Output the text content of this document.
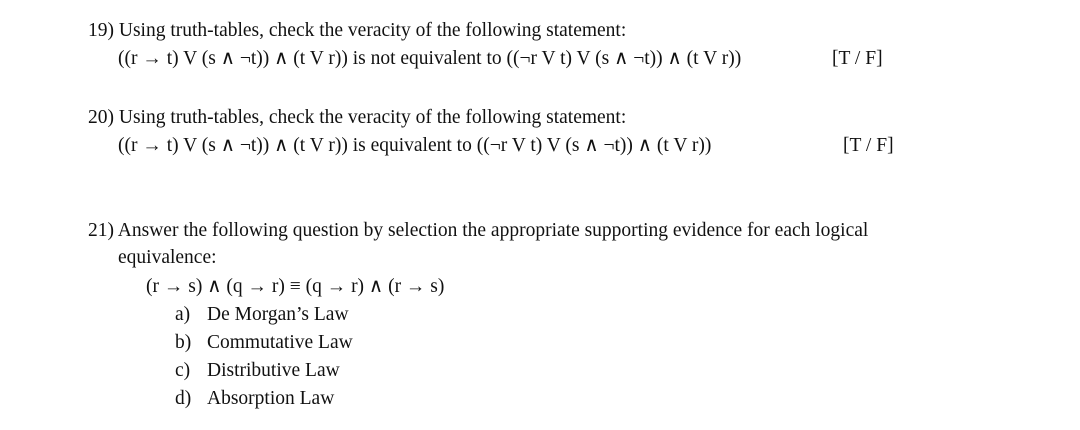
19) Using truth-tables, check the veracity of the following statement:
((r → t) V (s ∧ ¬t)) ∧ (t V r)) is not equivalent to ((¬r V t) V (s ∧ ¬t)) ∧ (t V r))	[T / F]
20) Using truth-tables, check the veracity of the following statement:
((r → t) V (s ∧ ¬t)) ∧ (t V r)) is equivalent to ((¬r V t) V (s ∧ ¬t)) ∧ (t V r))	[T / F]
21) Answer the following question by selection the appropriate supporting evidence for each logical
equivalence:
(r → s) ∧ (q → r) ≡ (q → r) ∧ (r → s)
a) De Morgan’s Law
b) Commutative Law
c) Distributive Law
d) Absorption Law
